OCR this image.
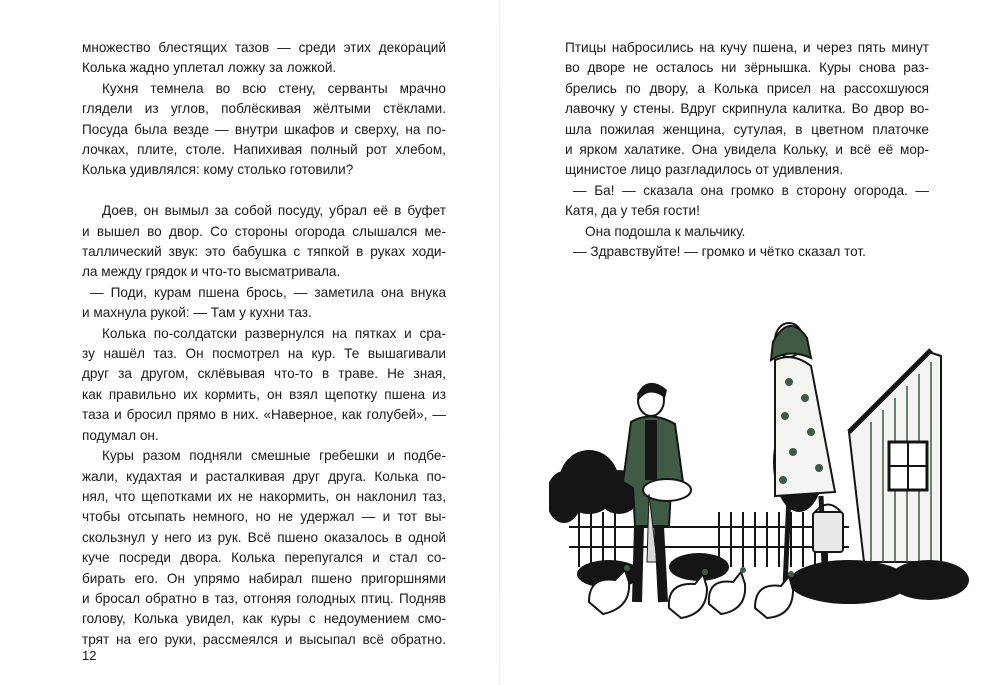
множество блестящих тазов — среди этих декораций
Колька жадно уплетал ложку за ложкой.
Кухня темнела во всю стену, серванты мрачно
глядели из углов, поблёскивая жёлтыми стёклами.
Посуда была везде — внутри шкафов и сверху, на по-
лочках, плите, столе. Напихивая полный рот хлебом,
Колька удивлялся: кому столько готовили?
Доев, он вымыл за собой посуду, убрал её в буфет
и вышел во двор. Со стороны огорода слышался ме-
таллический звук: это бабушка с тяпкой в руках ходи-
ла между грядок и что-то высматривала.
— Поди, курам пшена брось, — заметила она внука
и махнула рукой: — Там у кухни таз.
Колька по-солдатски развернулся на пятках и сра-
зу нашёл таз. Он посмотрел на кур. Те вышагивали
друг за другом, склёвывая что-то в траве. Не зная,
как правильно их кормить, он взял щепотку пшена из
таза и бросил прямо в них. «Наверное, как голубей», —
подумал он.
Куры разом подняли смешные гребешки и подбе-
жали, кудахтая и расталкивая друг друга. Колька по-
нял, что щепотками их не накормить, он наклонил таз,
чтобы отсыпать немного, но не удержал — и тот вы-
скользнул у него из рук. Всё пшено оказалось в одной
куче посреди двора. Колька перепугался и стал со-
бирать его. Он упрямо набирал пшено пригоршнями
и бросал обратно в таз, отгоняя голодных птиц. Подняв
голову, Колька увидел, как куры с недоумением смо-
трят на его руки, рассмеялся и высыпал всё обратно.
12
Птицы набросились на кучу пшена, и через пять минут
во дворе не осталось ни зёрнышка. Куры снова раз-
брелись по двору, а Колька присел на рассохшуюся
лавочку у стены. Вдруг скрипнула калитка. Во двор во-
шла пожилая женщина, сутулая, в цветном платочке
и ярком халатике. Она увидела Кольку, и всё её мор-
щинистое лицо разгладилось от удивления.
— Ба! — сказала она громко в сторону огорода. —
Катя, да у тебя гости!
Она подошла к мальчику.
— Здравствуйте! — громко и чётко сказал тот.
